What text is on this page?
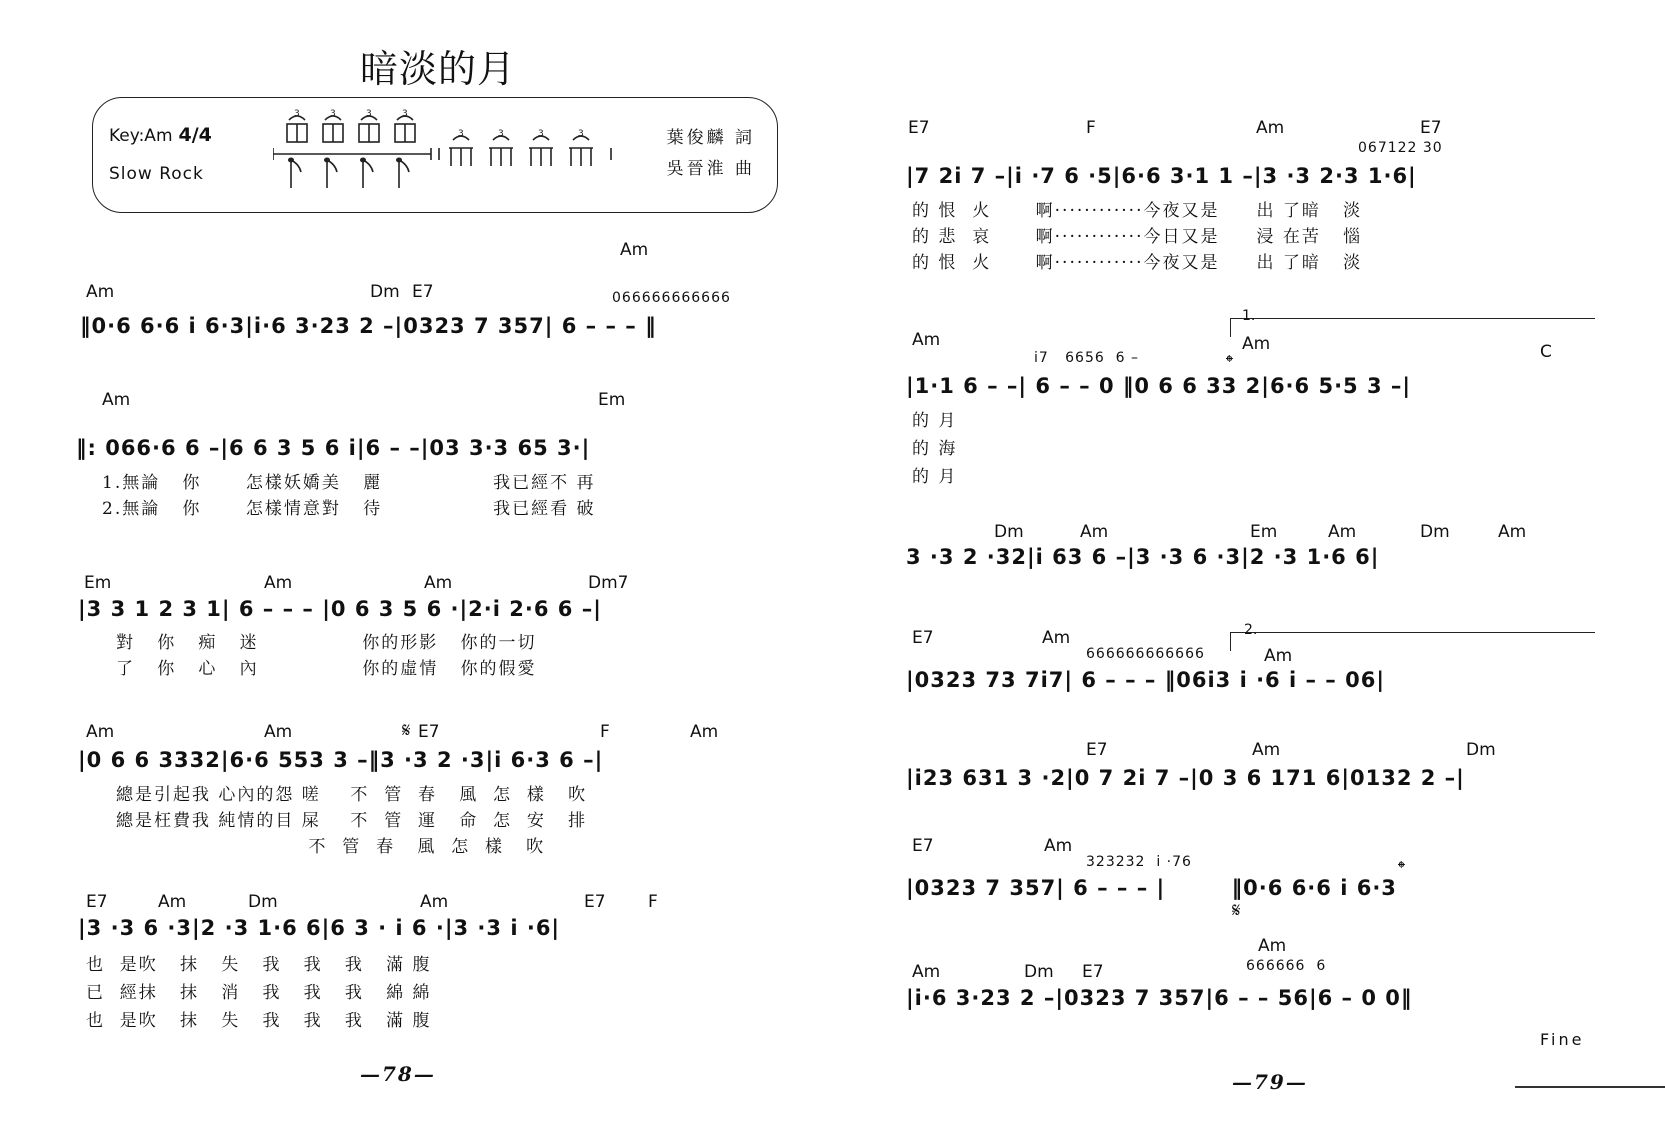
暗淡的月
Key:Am 4/4
Slow Rock
3	3	3	3
3	3	3	3	葉俊麟 詞
吳晉淮 曲
Am	Dm E7
Am
066666666666
‖0·6 6·6 i 6·3|i·6 3·23 2 –|0323 7 357| 6 – – – ‖
Am	Em
‖: 066·6 6 –|6 6 3 5 6 i|6 – –|03 3·3 65 3·|
1.無論   你      怎樣妖嬌美   麗               我已經不 再
2.無論   你      怎樣情意對   待               我已經看 破
Em	Am	Am	Dm7
|3 3 1 2 3 1| 6 – – – |0 6 3 5 6 ·|2·i 2·6 6 –|
對   你   痴   迷              你的形影   你的一切
了   你   心   內              你的虛情   你的假愛
Am	Am	E7	F	Am
𝄋
|0 6 6 3332|6·6 553 3 –‖3 ·3 2 ·3|i 6·3 6 –|
總是引起我 心內的怨 嗟    不  管  春   風  怎  樣   吹
總是枉費我 純情的目 屎    不  管  運   命  怎  安   排
不  管  春   風  怎  樣   吹
E7	Am	Dm	Am	E7 F
|3 ·3 6 ·3|2 ·3 1·6 6|6 3 · i 6 ·|3 ·3 i ·6|
也  是吹   抹   失   我   我   我   滿 腹
已  經抹   抹   消   我   我   我   綿 綿
也  是吹   抹   失   我   我   我   滿 腹
—78—
E7	F	Am	E7
067122 30
|7 2i 7 –|i ·7 6 ·5|6·6 3·1 1 –|3 ·3 2·3 1·6|
的 恨  火      啊············今夜又是     出 了暗   淡
的 悲  哀      啊············今日又是     浸 在苦   惱
的 恨  火      啊············今夜又是     出 了暗   淡
Am
1.
Am	C
i7   6656  6 –	𝄌
|1·1 6 – –| 6 – – 0 ‖0 6 6 33 2|6·6 5·5 3 –|
的 月
的 海
的 月
Dm	Am	Em	Am	Dm	Am
3 ·3 2 ·32|i 63 6 –|3 ·3 6 ·3|2 ·3 1·6 6|
E7	Am
666666666666
2.
Am
|0323 73 7i7| 6 – – – ‖06i3 i ·6 i – – 06|
E7	Am	Dm
|i23 631 3 ·2|0 7 2i 7 –|0 3 6 171 6|0132 2 –|
E7	Am
323232  i ·76	𝄌
𝄋
|0323 7 357| 6 – – – |        ‖0·6 6·6 i 6·3
Am	Dm E7
Am
666666  6
|i·6 3·23 2 –|0323 7 357|6 – – 56|6 – 0 0‖
Fine
—79—
